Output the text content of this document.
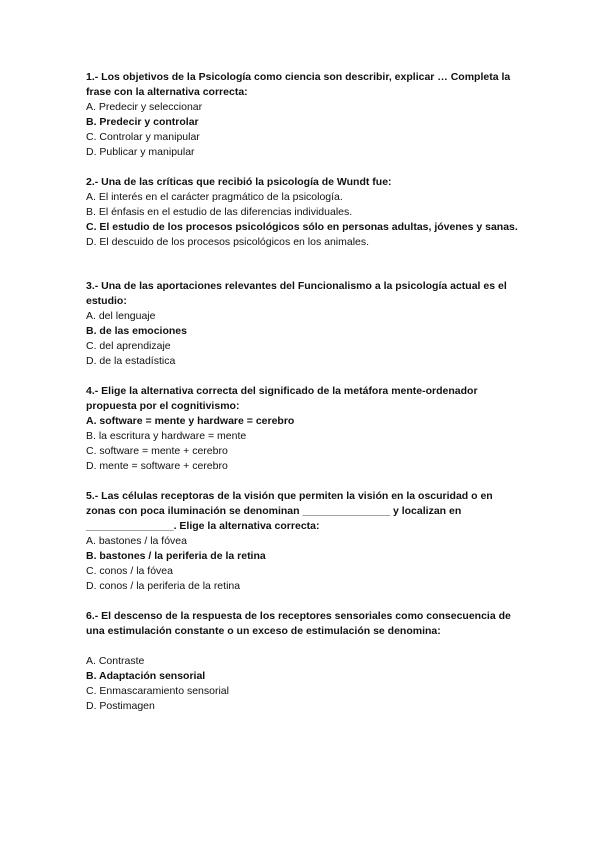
1.- Los objetivos de la Psicología como ciencia son describir, explicar … Completa la frase con la alternativa correcta:

A. Predecir y seleccionar
B. Predecir y controlar
C. Controlar y manipular
D. Publicar y manipular

2.- Una de las críticas que recibió la psicología de Wundt fue:

A. El interés en el carácter pragmático de la psicología.
B. El énfasis en el estudio de las diferencias individuales.
C. El estudio de los procesos psicológicos sólo en personas adultas, jóvenes y sanas.
D. El descuido de los procesos psicológicos en los animales.

3.- Una de las aportaciones relevantes del Funcionalismo a la psicología actual es el estudio:

A. del lenguaje
B. de las emociones
C. del aprendizaje
D. de la estadística

4.- Elige la alternativa correcta del significado de la metáfora mente-ordenador propuesta por el cognitivismo:

A. software = mente y hardware = cerebro
B. la escritura y hardware = mente
C. software = mente + cerebro
D. mente = software + cerebro

5.- Las células receptoras de la visión que permiten la visión en la oscuridad o en zonas con poca iluminación se denominan _______________ y localizan en _______________. Elige la alternativa correcta:

A. bastones / la fóvea
B. bastones / la periferia de la retina
C. conos / la fóvea
D. conos / la periferia de la retina

6.- El descenso de la respuesta de los receptores sensoriales como consecuencia de una estimulación constante o un exceso de estimulación se denomina:

A. Contraste
B. Adaptación sensorial
C. Enmascaramiento sensorial
D. Postimagen
